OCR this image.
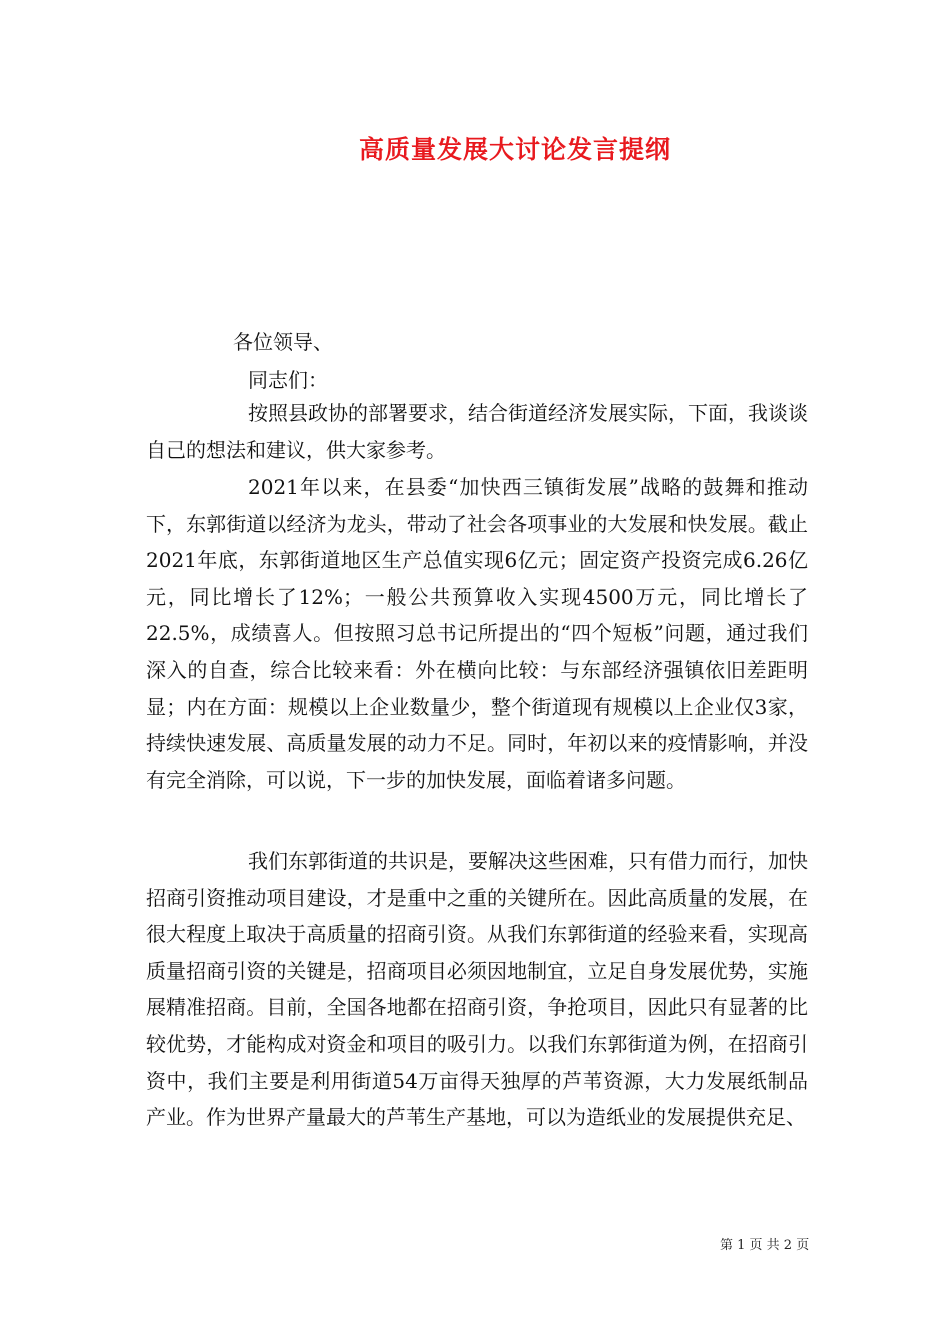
高质量发展大讨论发言提纲
各位领导、
同志们：
按照县政协的部署要求，结合街道经济发展实际，下面，我谈谈自己的想法和建议，供大家参考。
2021年以来，在县委“加快西三镇街发展”战略的鼓舞和推动下，东郭街道以经济为龙头，带动了社会各项事业的大发展和快发展。截止2021年底，东郭街道地区生产总值实现6亿元；固定资产投资完成6.26亿元，同比增长了12%；一般公共预算收入实现4500万元，同比增长了22.5%，成绩喜人。但按照习总书记所提出的“四个短板”问题，通过我们深入的自查，综合比较来看：外在横向比较：与东部经济强镇依旧差距明显；内在方面：规模以上企业数量少，整个街道现有规模以上企业仅3家，持续快速发展、高质量发展的动力不足。同时，年初以来的疫情影响，并没有完全消除，可以说，下一步的加快发展，面临着诸多问题。
我们东郭街道的共识是，要解决这些困难，只有借力而行，加快招商引资推动项目建设，才是重中之重的关键所在。因此高质量的发展，在很大程度上取决于高质量的招商引资。从我们东郭街道的经验来看，实现高质量招商引资的关键是，招商项目必须因地制宜，立足自身发展优势，实施展精准招商。目前，全国各地都在招商引资，争抢项目，因此只有显著的比较优势，才能构成对资金和项目的吸引力。以我们东郭街道为例，在招商引资中，我们主要是利用街道54万亩得天独厚的芦苇资源，大力发展纸制品产业。作为世界产量最大的芦苇生产基地，可以为造纸业的发展提供充足、
第 1 页 共 2 页
